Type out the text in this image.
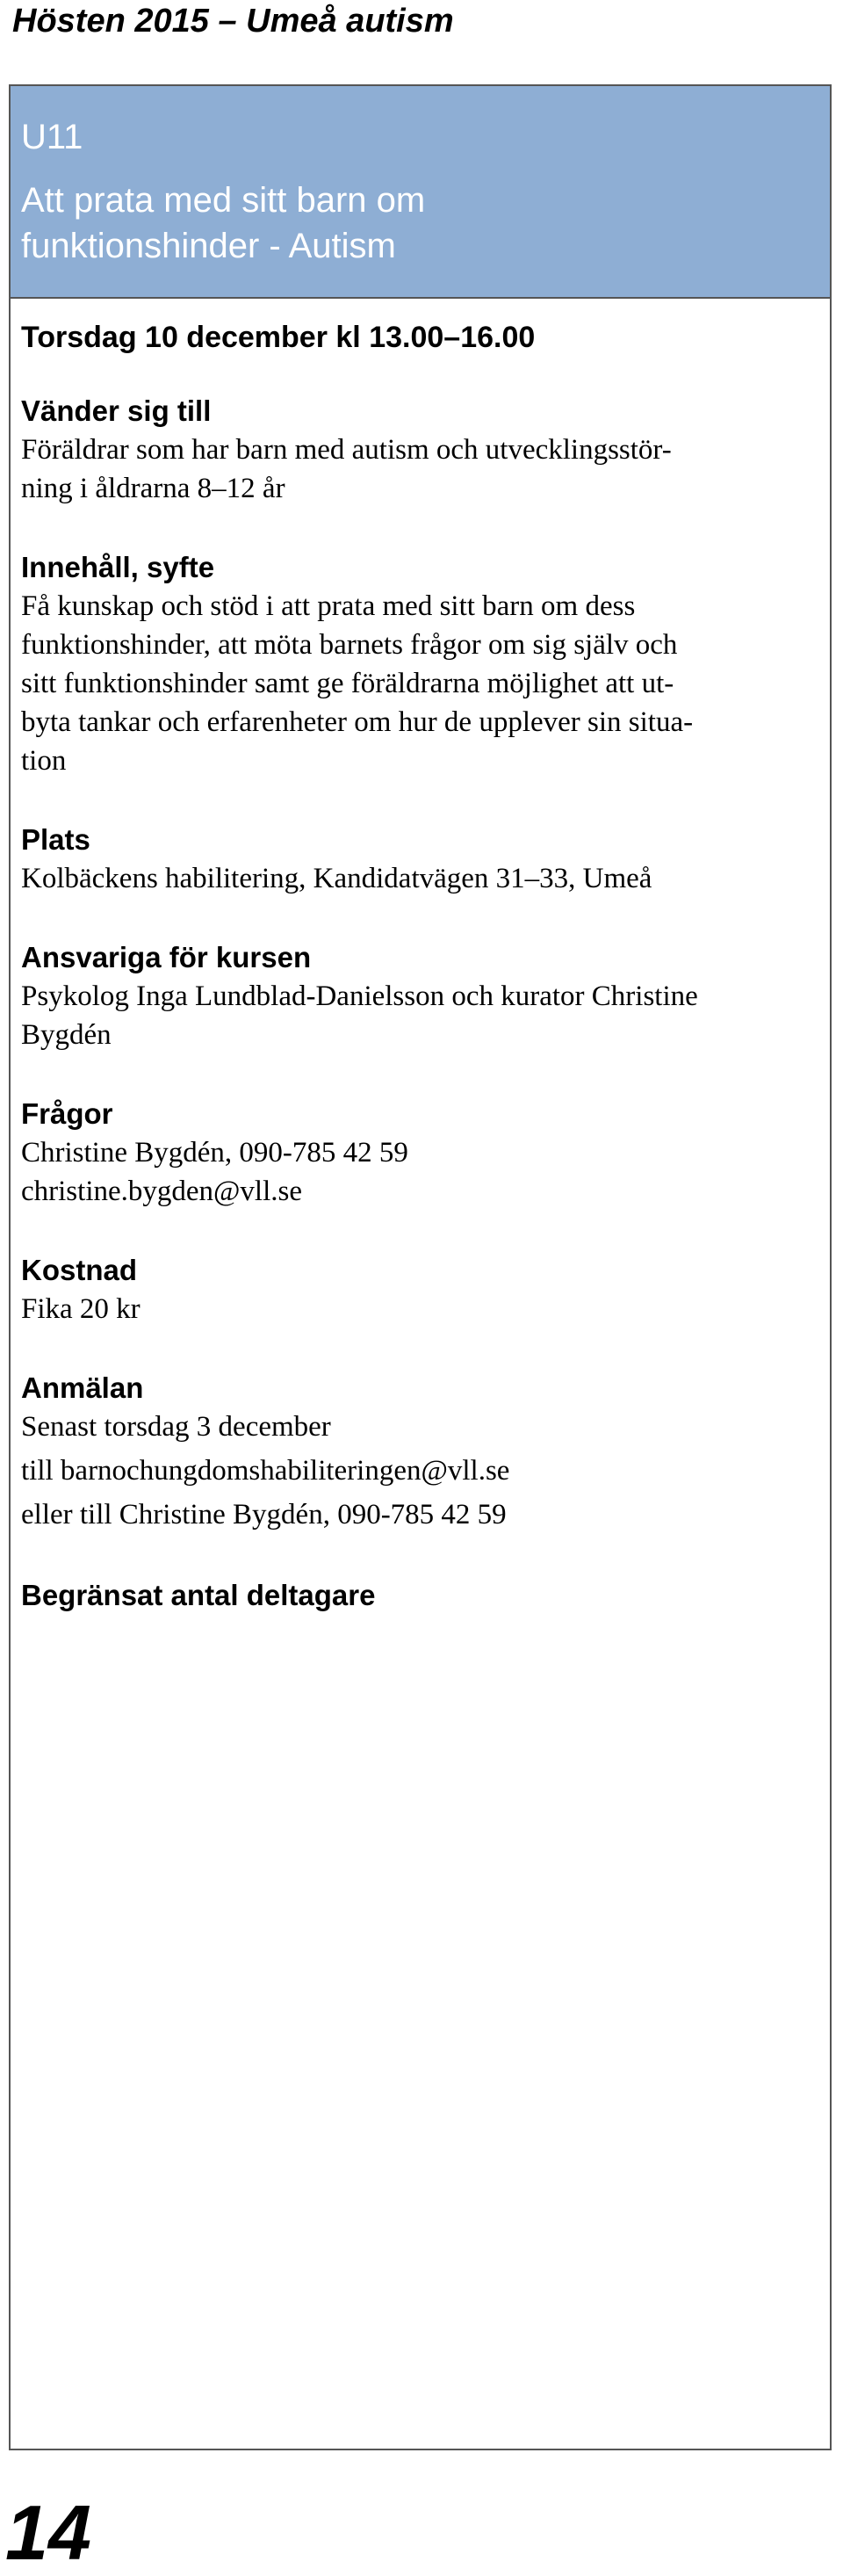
Hösten 2015 – Umeå autism
U11
Att prata med sitt barn om
funktionshinder - Autism
Torsdag 10 december kl 13.00–16.00
Vänder sig till
Föräldrar som har barn med autism och utvecklingsstör-
ning i åldrarna 8–12 år
Innehåll, syfte
Få kunskap och stöd i att prata med sitt barn om dess
funktionshinder, att möta barnets frågor om sig själv och
sitt funktionshinder samt ge föräldrarna möjlighet att ut-
byta tankar och erfarenheter om hur de upplever sin situa-
tion
Plats
Kolbäckens habilitering, Kandidatvägen 31–33, Umeå
Ansvariga för kursen
Psykolog Inga Lundblad-Danielsson och kurator Christine
Bygdén
Frågor
Christine Bygdén, 090-785 42 59
christine.bygden@vll.se
Kostnad
Fika 20 kr
Anmälan
Senast torsdag 3 december
till barnochungdomshabiliteringen@vll.se
eller till Christine Bygdén, 090-785 42 59
Begränsat antal deltagare
14
